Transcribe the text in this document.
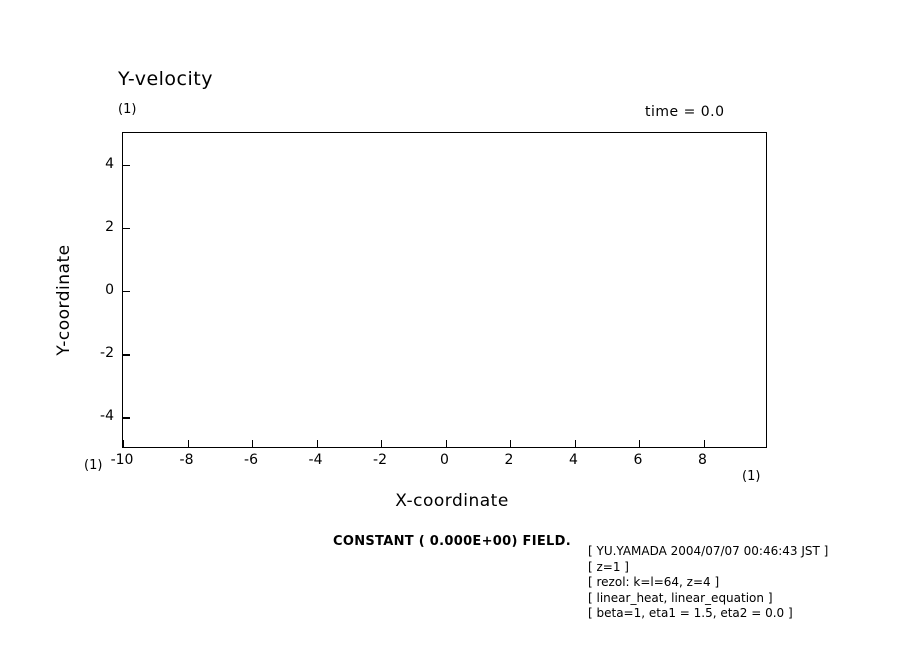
Y-velocity
(1)	time = 0.0
(1)
(1)
X-coordinate
Y-coordinate
CONSTANT ( 0.000E+00) FIELD.
[ YU.YAMADA 2004/07/07 00:46:43 JST ]
[ z=1 ]
[ rezol: k=l=64, z=4 ]
[ linear_heat, linear_equation ]
[ beta=1, eta1 = 1.5, eta2 = 0.0 ]
-10	-8	-6	-4	-2	0	2	4	6	8
-4
-2
0
2
4
